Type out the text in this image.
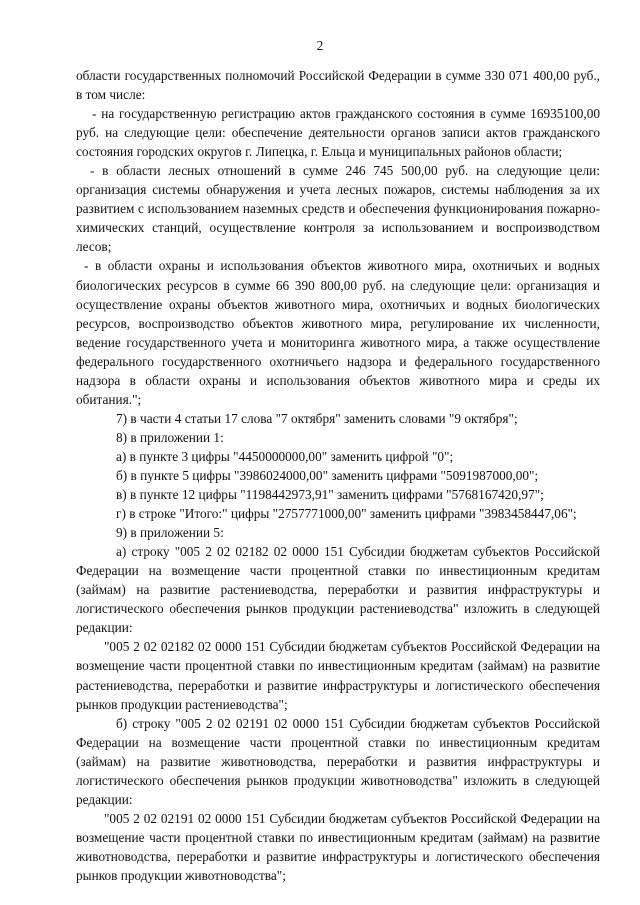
2

области государственных полномочий Российской Федерации в сумме 330 071 400,00 руб., в том числе:

- на государственную регистрацию актов гражданского состояния в сумме 16935100,00 руб. на следующие цели: обеспечение деятельности органов записи актов гражданского состояния городских округов г. Липецка, г. Ельца и муниципальных районов области;

- в области лесных отношений в сумме 246 745 500,00 руб. на следующие цели: организация системы обнаружения и учета лесных пожаров, системы наблюдения за их развитием с использованием наземных средств и обеспечения функционирования пожарно-химических станций, осуществление контроля за использованием и воспроизводством лесов;

- в области охраны и использования объектов животного мира, охотничьих и водных биологических ресурсов в сумме 66 390 800,00 руб. на следующие цели: организация и осуществление охраны объектов животного мира, охотничьих и водных биологических ресурсов, воспроизводство объектов животного мира, регулирование их численности, ведение государственного учета и мониторинга животного мира, а также осуществление федерального государственного охотничьего надзора и федерального государственного надзора в области охраны и использования объектов животного мира и среды их обитания.";

7) в части 4 статьи 17 слова "7 октября" заменить словами "9 октября";

8) в приложении 1:

а) в пункте 3 цифры "4450000000,00" заменить цифрой "0";

б) в пункте 5 цифры "3986024000,00" заменить цифрами "5091987000,00";

в) в пункте 12 цифры "1198442973,91" заменить цифрами "5768167420,97";

г) в строке "Итого:" цифры "2757771000,00" заменить цифрами "3983458447,06";

9) в приложении 5:

а) строку "005 2 02 02182 02 0000 151 Субсидии бюджетам субъектов Российской Федерации на возмещение части процентной ставки по инвестиционным кредитам (займам) на развитие растениеводства, переработки и развития инфраструктуры и логистического обеспечения рынков продукции растениеводства" изложить в следующей редакции:

"005 2 02 02182 02 0000 151 Субсидии бюджетам субъектов Российской Федерации на возмещение части процентной ставки по инвестиционным кредитам (займам) на развитие растениеводства, переработки и развитие инфраструктуры и логистического обеспечения рынков продукции растениеводства";

б) строку "005 2 02 02191 02 0000 151 Субсидии бюджетам субъектов Российской Федерации на возмещение части процентной ставки по инвестиционным кредитам (займам) на развитие животноводства, переработки и развития инфраструктуры и логистического обеспечения рынков продукции животноводства" изложить в следующей редакции:

"005 2 02 02191 02 0000 151 Субсидии бюджетам субъектов Российской Федерации на возмещение части процентной ставки по инвестиционным кредитам (займам) на развитие животноводства, переработки и развитие инфраструктуры и логистического обеспечения рынков продукции животноводства";
